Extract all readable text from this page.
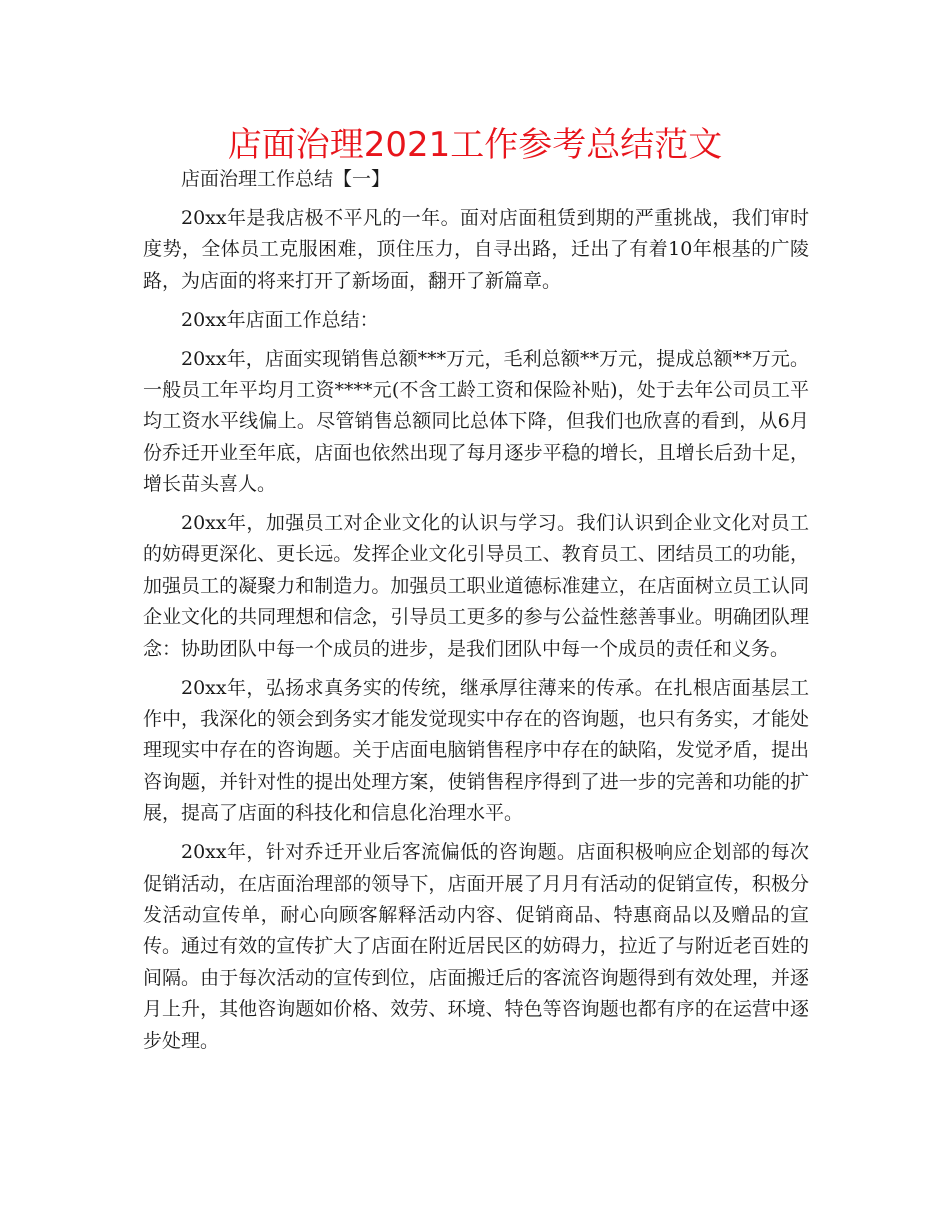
店面治理2021工作参考总结范文

店面治理工作总结【一】

20xx年是我店极不平凡的一年。面对店面租赁到期的严重挑战，我们审时度势，全体员工克服困难，顶住压力，自寻出路，迁出了有着10年根基的广陵路，为店面的将来打开了新场面，翻开了新篇章。

20xx年店面工作总结：

20xx年，店面实现销售总额***万元，毛利总额**万元，提成总额**万元。一般员工年平均月工资****元(不含工龄工资和保险补贴)，处于去年公司员工平均工资水平线偏上。尽管销售总额同比总体下降，但我们也欣喜的看到，从6月份乔迁开业至年底，店面也依然出现了每月逐步平稳的增长，且增长后劲十足，增长苗头喜人。

20xx年，加强员工对企业文化的认识与学习。我们认识到企业文化对员工的妨碍更深化、更长远。发挥企业文化引导员工、教育员工、团结员工的功能，加强员工的凝聚力和制造力。加强员工职业道德标准建立，在店面树立员工认同企业文化的共同理想和信念，引导员工更多的参与公益性慈善事业。明确团队理念：协助团队中每一个成员的进步，是我们团队中每一个成员的责任和义务。

20xx年，弘扬求真务实的传统，继承厚往薄来的传承。在扎根店面基层工作中，我深化的领会到务实才能发觉现实中存在的咨询题，也只有务实，才能处理现实中存在的咨询题。关于店面电脑销售程序中存在的缺陷，发觉矛盾，提出咨询题，并针对性的提出处理方案，使销售程序得到了进一步的完善和功能的扩展，提高了店面的科技化和信息化治理水平。

20xx年，针对乔迁开业后客流偏低的咨询题。店面积极响应企划部的每次促销活动，在店面治理部的领导下，店面开展了月月有活动的促销宣传，积极分发活动宣传单，耐心向顾客解释活动内容、促销商品、特惠商品以及赠品的宣传。通过有效的宣传扩大了店面在附近居民区的妨碍力，拉近了与附近老百姓的间隔。由于每次活动的宣传到位，店面搬迁后的客流咨询题得到有效处理，并逐月上升，其他咨询题如价格、效劳、环境、特色等咨询题也都有序的在运营中逐步处理。
